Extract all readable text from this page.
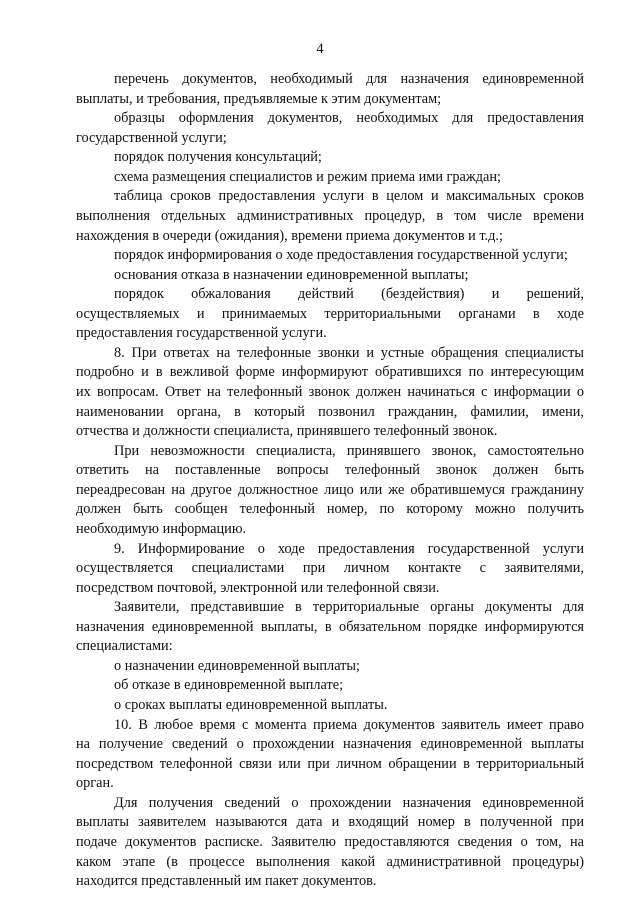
4
перечень документов, необходимый для назначения единовременной
выплаты, и требования, предъявляемые к этим документам;
образцы оформления документов, необходимых для предоставления
государственной услуги;
порядок получения консультаций;
схема размещения специалистов и режим приема ими граждан;
таблица сроков предоставления услуги в целом и максимальных сроков
выполнения отдельных административных процедур, в том числе времени
нахождения в очереди (ожидания), времени приема документов и т.д.;
порядок информирования о ходе предоставления государственной услуги;
основания отказа в назначении единовременной выплаты;
порядок обжалования действий (бездействия) и решений,
осуществляемых и принимаемых территориальными органами в ходе
предоставления государственной услуги.
8. При ответах на телефонные звонки и устные обращения специалисты
подробно и в вежливой форме информируют обратившихся по интересующим
их вопросам. Ответ на телефонный звонок должен начинаться с информации о
наименовании органа, в который позвонил гражданин, фамилии, имени,
отчества и должности специалиста, принявшего телефонный звонок.
При невозможности специалиста, принявшего звонок, самостоятельно
ответить на поставленные вопросы телефонный звонок должен быть
переадресован на другое должностное лицо или же обратившемуся гражданину
должен быть сообщен телефонный номер, по которому можно получить
необходимую информацию.
9. Информирование о ходе предоставления государственной услуги
осуществляется специалистами при личном контакте с заявителями,
посредством почтовой, электронной или телефонной связи.
Заявители, представившие в территориальные органы документы для
назначения единовременной выплаты, в обязательном порядке информируются
специалистами:
о назначении единовременной выплаты;
об отказе в единовременной выплате;
о сроках выплаты единовременной выплаты.
10. В любое время с момента приема документов заявитель имеет право
на получение сведений о прохождении назначения единовременной выплаты
посредством телефонной связи или при личном обращении в территориальный
орган.
Для получения сведений о прохождении назначения единовременной
выплаты заявителем называются дата и входящий номер в полученной при
подаче документов расписке. Заявителю предоставляются сведения о том, на
каком этапе (в процессе выполнения какой административной процедуры)
находится представленный им пакет документов.
